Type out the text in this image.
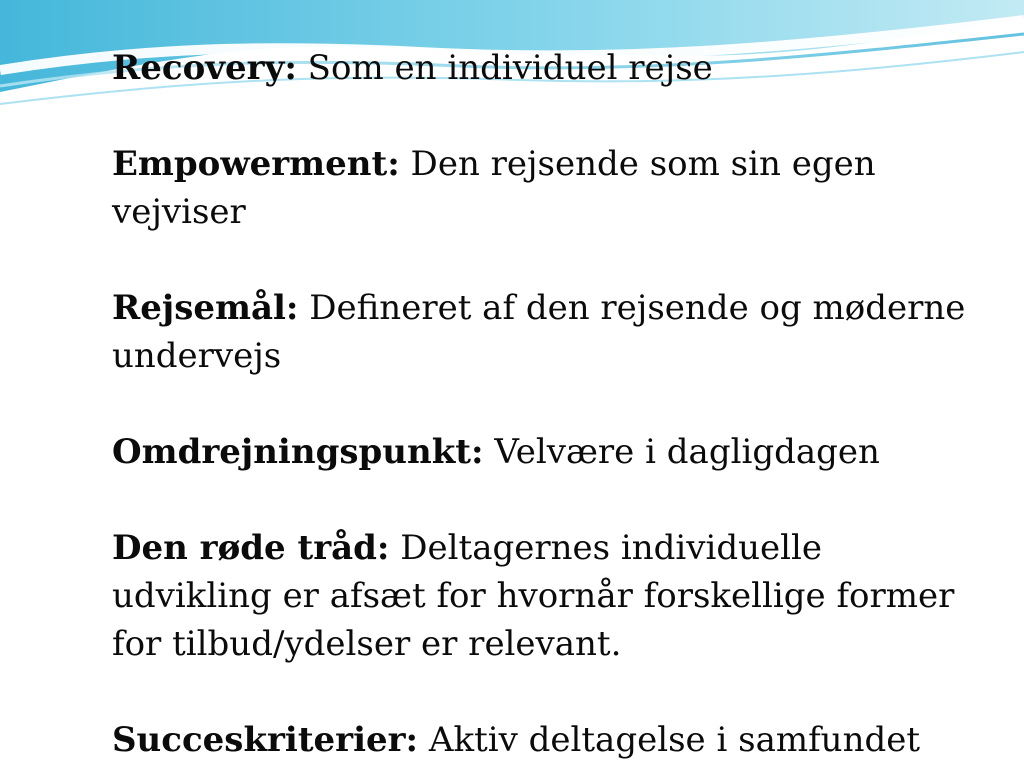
Recovery: Som en individuel rejse
Empowerment: Den rejsende som sin egen vejviser
Rejsemål: Defineret af den rejsende og møderne undervejs
Omdrejningspunkt: Velvære i dagligdagen
Den røde tråd: Deltagernes individuelle udvikling er afsæt for hvornår forskellige former for tilbud/ydelser er relevant.
Succeskriterier: Aktiv deltagelse i samfundet
